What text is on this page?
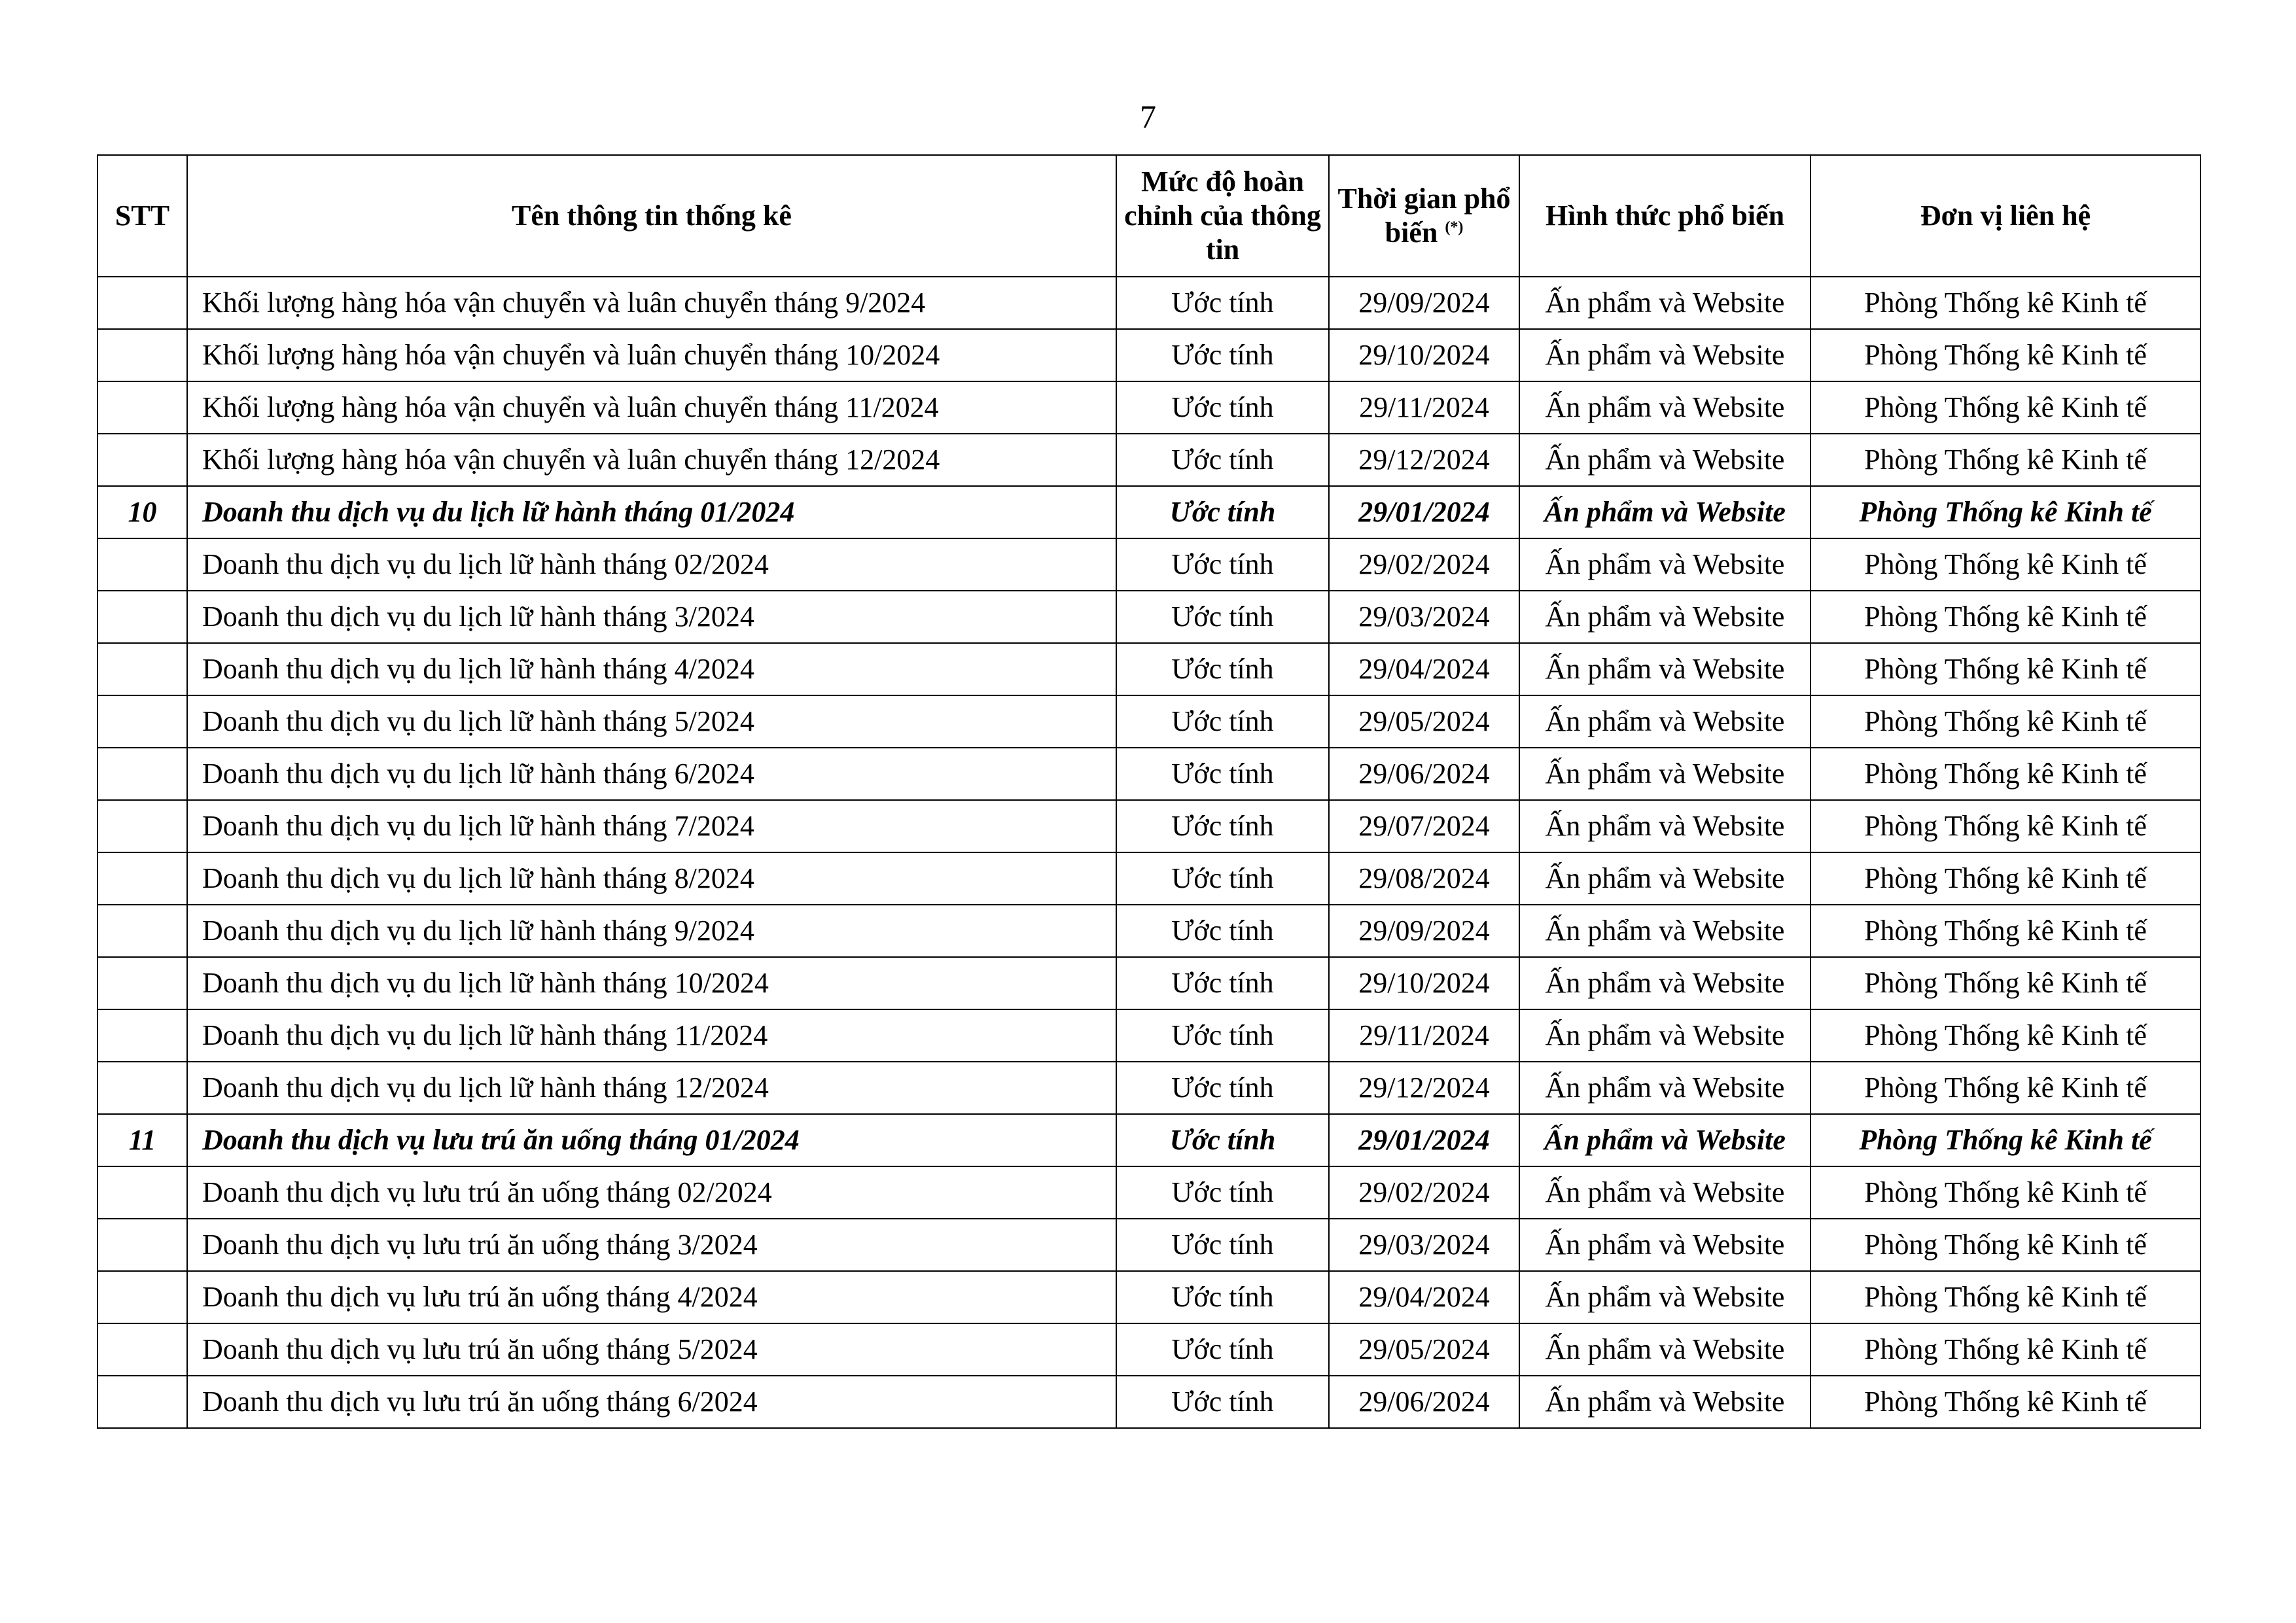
7
STT	Tên thông tin thống kê	Mức độ hoàn chỉnh của thông tin	Thời gian phổ biến (*)	Hình thức phổ biến	Đơn vị liên hệ
	Khối lượng hàng hóa vận chuyển và luân chuyển tháng 9/2024	Ước tính	29/09/2024	Ấn phẩm và Website	Phòng Thống kê Kinh tế
	Khối lượng hàng hóa vận chuyển và luân chuyển tháng 10/2024	Ước tính	29/10/2024	Ấn phẩm và Website	Phòng Thống kê Kinh tế
	Khối lượng hàng hóa vận chuyển và luân chuyển tháng 11/2024	Ước tính	29/11/2024	Ấn phẩm và Website	Phòng Thống kê Kinh tế
	Khối lượng hàng hóa vận chuyển và luân chuyển tháng 12/2024	Ước tính	29/12/2024	Ấn phẩm và Website	Phòng Thống kê Kinh tế
10	Doanh thu dịch vụ du lịch lữ hành tháng 01/2024	Ước tính	29/01/2024	Ấn phẩm và Website	Phòng Thống kê Kinh tế
	Doanh thu dịch vụ du lịch lữ hành tháng 02/2024	Ước tính	29/02/2024	Ấn phẩm và Website	Phòng Thống kê Kinh tế
	Doanh thu dịch vụ du lịch lữ hành tháng 3/2024	Ước tính	29/03/2024	Ấn phẩm và Website	Phòng Thống kê Kinh tế
	Doanh thu dịch vụ du lịch lữ hành tháng 4/2024	Ước tính	29/04/2024	Ấn phẩm và Website	Phòng Thống kê Kinh tế
	Doanh thu dịch vụ du lịch lữ hành tháng 5/2024	Ước tính	29/05/2024	Ấn phẩm và Website	Phòng Thống kê Kinh tế
	Doanh thu dịch vụ du lịch lữ hành tháng 6/2024	Ước tính	29/06/2024	Ấn phẩm và Website	Phòng Thống kê Kinh tế
	Doanh thu dịch vụ du lịch lữ hành tháng 7/2024	Ước tính	29/07/2024	Ấn phẩm và Website	Phòng Thống kê Kinh tế
	Doanh thu dịch vụ du lịch lữ hành tháng 8/2024	Ước tính	29/08/2024	Ấn phẩm và Website	Phòng Thống kê Kinh tế
	Doanh thu dịch vụ du lịch lữ hành tháng 9/2024	Ước tính	29/09/2024	Ấn phẩm và Website	Phòng Thống kê Kinh tế
	Doanh thu dịch vụ du lịch lữ hành tháng 10/2024	Ước tính	29/10/2024	Ấn phẩm và Website	Phòng Thống kê Kinh tế
	Doanh thu dịch vụ du lịch lữ hành tháng 11/2024	Ước tính	29/11/2024	Ấn phẩm và Website	Phòng Thống kê Kinh tế
	Doanh thu dịch vụ du lịch lữ hành tháng 12/2024	Ước tính	29/12/2024	Ấn phẩm và Website	Phòng Thống kê Kinh tế
11	Doanh thu dịch vụ lưu trú ăn uống tháng 01/2024	Ước tính	29/01/2024	Ấn phẩm và Website	Phòng Thống kê Kinh tế
	Doanh thu dịch vụ lưu trú ăn uống tháng 02/2024	Ước tính	29/02/2024	Ấn phẩm và Website	Phòng Thống kê Kinh tế
	Doanh thu dịch vụ lưu trú ăn uống tháng 3/2024	Ước tính	29/03/2024	Ấn phẩm và Website	Phòng Thống kê Kinh tế
	Doanh thu dịch vụ lưu trú ăn uống tháng 4/2024	Ước tính	29/04/2024	Ấn phẩm và Website	Phòng Thống kê Kinh tế
	Doanh thu dịch vụ lưu trú ăn uống tháng 5/2024	Ước tính	29/05/2024	Ấn phẩm và Website	Phòng Thống kê Kinh tế
	Doanh thu dịch vụ lưu trú ăn uống tháng 6/2024	Ước tính	29/06/2024	Ấn phẩm và Website	Phòng Thống kê Kinh tế
